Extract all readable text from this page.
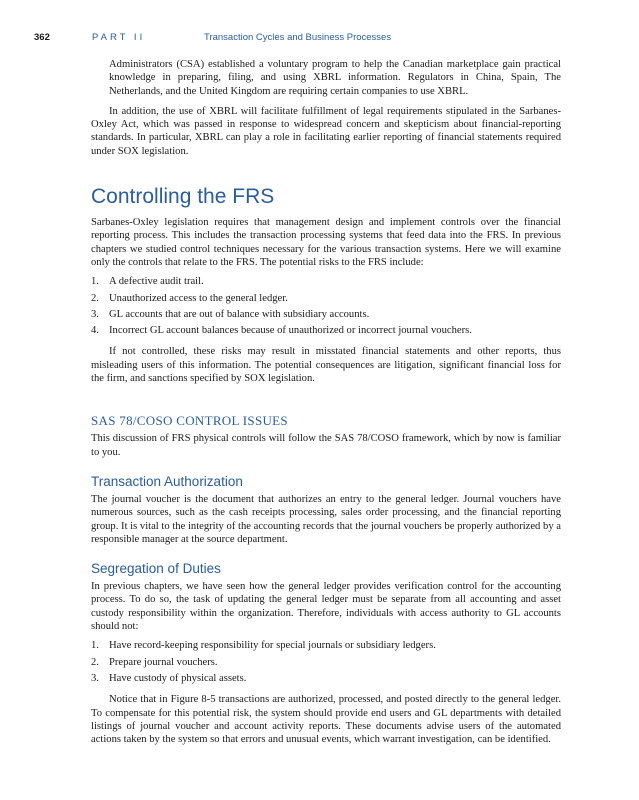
362	PART II	Transaction Cycles and Business Processes

Administrators (CSA) established a voluntary program to help the Canadian marketplace gain practical knowledge in preparing, filing, and using XBRL information. Regulators in China, Spain, The Netherlands, and the United Kingdom are requiring certain companies to use XBRL.

In addition, the use of XBRL will facilitate fulfillment of legal requirements stipulated in the Sarbanes-Oxley Act, which was passed in response to widespread concern and skepticism about financial-reporting standards. In particular, XBRL can play a role in facilitating earlier reporting of financial statements required under SOX legislation.

Controlling the FRS

Sarbanes-Oxley legislation requires that management design and implement controls over the financial reporting process. This includes the transaction processing systems that feed data into the FRS. In previous chapters we studied control techniques necessary for the various transaction systems. Here we will examine only the controls that relate to the FRS. The potential risks to the FRS include:

1. A defective audit trail.
2. Unauthorized access to the general ledger.
3. GL accounts that are out of balance with subsidiary accounts.
4. Incorrect GL account balances because of unauthorized or incorrect journal vouchers.

If not controlled, these risks may result in misstated financial statements and other reports, thus misleading users of this information. The potential consequences are litigation, significant financial loss for the firm, and sanctions specified by SOX legislation.

SAS 78/COSO CONTROL ISSUES

This discussion of FRS physical controls will follow the SAS 78/COSO framework, which by now is familiar to you.

Transaction Authorization

The journal voucher is the document that authorizes an entry to the general ledger. Journal vouchers have numerous sources, such as the cash receipts processing, sales order processing, and the financial reporting group. It is vital to the integrity of the accounting records that the journal vouchers be properly authorized by a responsible manager at the source department.

Segregation of Duties

In previous chapters, we have seen how the general ledger provides verification control for the accounting process. To do so, the task of updating the general ledger must be separate from all accounting and asset custody responsibility within the organization. Therefore, individuals with access authority to GL accounts should not:

1. Have record-keeping responsibility for special journals or subsidiary ledgers.
2. Prepare journal vouchers.
3. Have custody of physical assets.

Notice that in Figure 8-5 transactions are authorized, processed, and posted directly to the general ledger. To compensate for this potential risk, the system should provide end users and GL departments with detailed listings of journal voucher and account activity reports. These documents advise users of the automated actions taken by the system so that errors and unusual events, which warrant investigation, can be identified.
